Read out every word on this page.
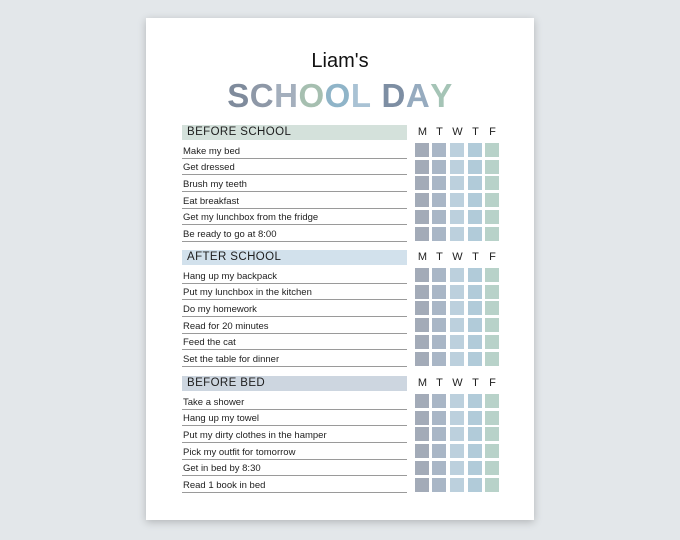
Liam's
SCHOOL DAY
BEFORE SCHOOL	M T W T F
Make my bed
Get dressed
Brush my teeth
Eat breakfast
Get my lunchbox from the fridge
Be ready to go at 8:00
AFTER SCHOOL	M T W T F
Hang up my backpack
Put my lunchbox in the kitchen
Do my homework
Read for 20 minutes
Feed the cat
Set the table for dinner
BEFORE BED	M T W T F
Take a shower
Hang up my towel
Put my dirty clothes in the hamper
Pick my outfit for tomorrow
Get in bed by 8:30
Read 1 book in bed
